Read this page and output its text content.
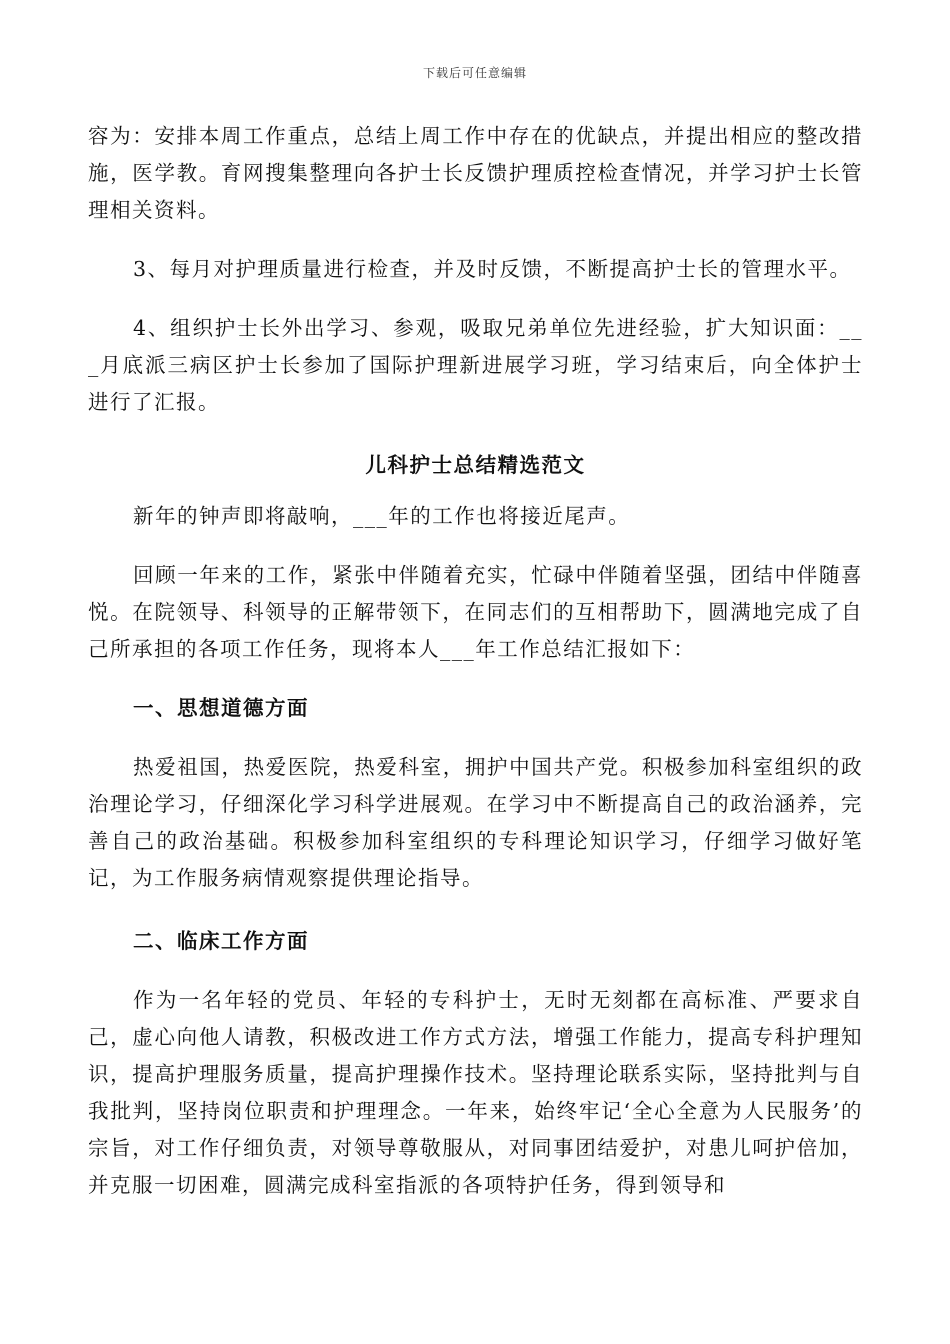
下载后可任意编辑

容为：安排本周工作重点，总结上周工作中存在的优缺点，并提出相应的整改措施，医学教。育网搜集整理向各护士长反馈护理质控检查情况，并学习护士长管理相关资料。

3、每月对护理质量进行检查，并及时反馈，不断提高护士长的管理水平。

4、组织护士长外出学习、参观，吸取兄弟单位先进经验，扩大知识面：__ _月底派三病区护士长参加了国际护理新进展学习班，学习结束后，向全体护士进行了汇报。

儿科护士总结精选范文

新年的钟声即将敲响，___年的工作也将接近尾声。

回顾一年来的工作，紧张中伴随着充实，忙碌中伴随着坚强，团结中伴随喜悦。在院领导、科领导的正解带领下，在同志们的互相帮助下，圆满地完成了自己所承担的各项工作任务，现将本人___年工作总结汇报如下：

一、思想道德方面

热爱祖国，热爱医院，热爱科室，拥护中国共产党。积极参加科室组织的政治理论学习，仔细深化学习科学进展观。在学习中不断提高自己的政治涵养，完善自己的政治基础。积极参加科室组织的专科理论知识学习，仔细学习做好笔记，为工作服务病情观察提供理论指导。

二、临床工作方面

作为一名年轻的党员、年轻的专科护士，无时无刻都在高标准、严要求自己，虚心向他人请教，积极改进工作方式方法，增强工作能力，提高专科护理知识，提高护理服务质量，提高护理操作技术。坚持理论联系实际，坚持批判与自我批判，坚持岗位职责和护理理念。一年来，始终牢记‘全心全意为人民服务’的宗旨，对工作仔细负责，对领导尊敬服从，对同事团结爱护，对患儿呵护倍加，并克服一切困难，圆满完成科室指派的各项特护任务，得到领导和
